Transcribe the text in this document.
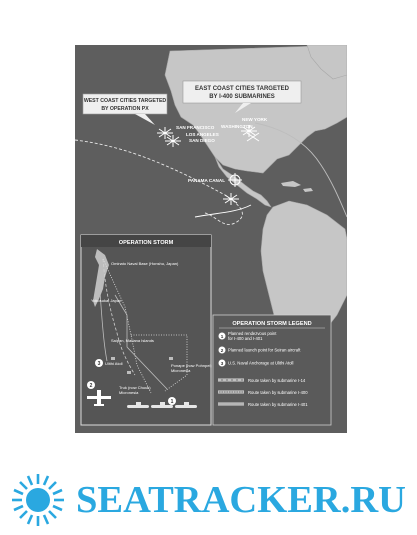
EAST COAST CITIES TARGETED
BY I-400 SUBMARINES
WEST COAST CITIES TARGETED
BY OPERATION PX
NEW YORK
WASHINGTON
SAN FRANCISCO
LOS ANGELES
SAN DIEGO
PANAMA CANAL
OPERATION STORM
Ominato Naval Base (Honshu, Japan)
Yokosuka, Japan
Saipan, Mariana Islands
Ponape (now Pohnpei)
Micronesia
Ulithi Atoll
Truk (now Chuuk)
Micronesia
3
2
1
OPERATION STORM LEGEND
1
Planned rendezvous point
for I-400 and I-401
2 Planned launch point for Seiran aircraft
3 U.S. Naval Anchorage at Ulithi Atoll
Route taken by submarine I-14
Route taken by submarine I-400
Route taken by submarine I-401
SEATRACKER.RU
